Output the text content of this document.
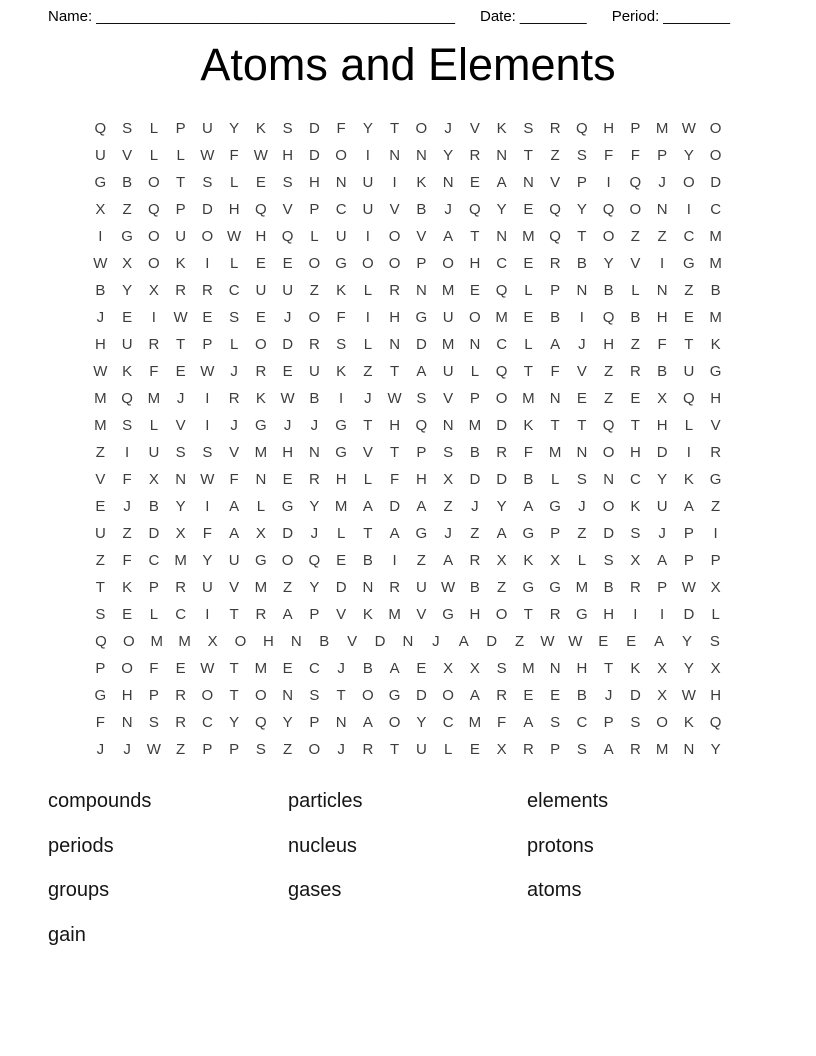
Name: ___________________________________________ Date: ________ Period: ________
Atoms and Elements
Q	S	L	P	U	Y	K	S	D	F	Y	T	O	J	V	K	S	R	Q	H	P	M W O
U	V	L	L	W	F	W H	D	O	I	N	N	Y	R	N	T	Z	S	F	F	P	Y	O
G	B	O	T	S	L	E	S	H	N	U	I	K	N	E	A	N	V	P	I	Q	J	O	D
X	Z	Q	P	D	H	Q	V	P	C	U	V	B	J	Q	Y	E	Q	Y	Q	O	N	I	C
I	G	O	U	O W H	Q	L	U	I	O	V	A	T	N	M Q	T	O	Z	Z	C	M
W X	O	K	I	L	E	E	O	G	O	O	P	O	H	C	E	R	B	Y	V	I	G M
B	Y	X	R	R	C	U	U	Z	K	L	R	N	M	E	Q	L	P	N	B	L	N	Z	B
J	E	I	W E	S	E	J	O	F	I	H	G	U	O M	E	B	I	Q	B	H	E	M
H	U	R	T	P	L	O	D	R	S	L	N	D	M	N	C	L	A	J	H	Z	F	T	K
W K	F	E W	J	R	E	U	K	Z	T	A	U	L	Q	T	F	V	Z	R	B	U	G
M Q M	J	I	R	K W B	I	J	W S	V	P	O M	N	E	Z	E	X	Q	H
M	S	L	V	I	J	G	J	J	G	T	H	Q	N	M	D	K	T	T	Q	T	H	L	V
Z	I	U	S	S	V	M	H	N	G	V	T	P	S	B	R	F	M	N	O	H	D	I	R
V	F	X	N W	F	N	E	R	H	L	F	H	X	D	D	B	L	S	N	C	Y	K	G
E	J	B	Y	I	A	L	G	Y	M	A	D	A	Z	J	Y	A	G	J	O	K	U	A	Z
U	Z	D	X	F	A	X	D	J	L	T	A	G	J	Z	A	G	P	Z	D	S	J	P	I
Z	F	C	M	Y	U	G	O	Q	E	B	I	Z	A	R	X	K	X	L	S	X	A	P	P
T	K	P	R	U	V	M	Z	Y	D	N	R	U W B	Z	G	G M	B	R	P W X
S	E	L	C	I	T	R	A	P	V	K	M	V	G	H	O	T	R	G	H	I	I	D	L
Q	O	M	M	X	O	H	N	B	V	D	N	J	A	D	Z	W W	E	E	A	Y	S
P	O	F	E W	T	M	E	C	J	B	A	E	X	X	S	M	N	H	T	K	X	Y	X
G	H	P	R	O	T	O	N	S	T	O	G	D	O	A	R	E	E	B	J	D	X W H
F	N	S	R	C	Y	Q	Y	P	N	A	O	Y	C	M	F	A	S	C	P	S	O	K	Q
J	J	W	Z	P	P	S	Z	O	J	R	T	U	L	E	X	R	P	S	A	R	M	N	Y
compounds	particles	elements
periods	nucleus	protons
groups	gases	atoms
gain
